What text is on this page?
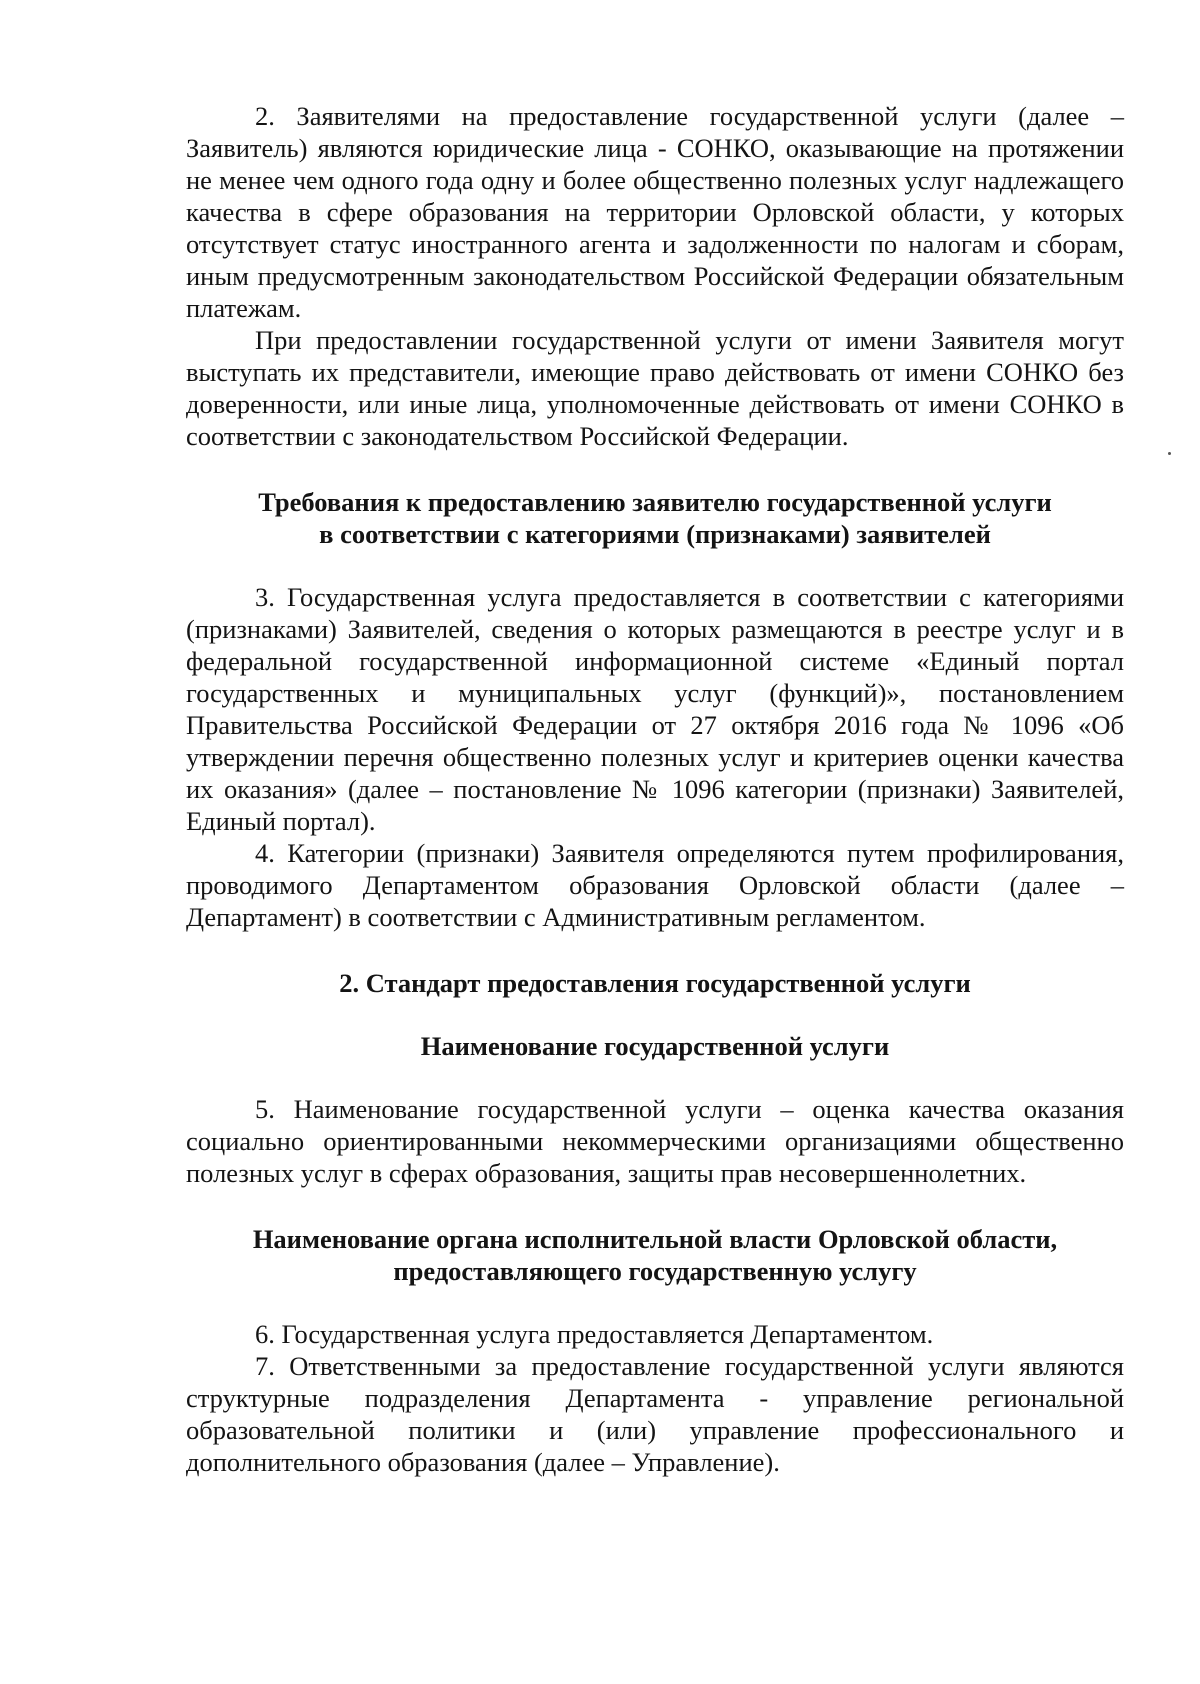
2. Заявителями на предоставление государственной услуги (далее – Заявитель) являются юридические лица - СОНКО, оказывающие на протяжении не менее чем одного года одну и более общественно полезных услуг надлежащего качества в сфере образования на территории Орловской области, у которых отсутствует статус иностранного агента и задолженности по налогам и сборам, иным предусмотренным законодательством Российской Федерации обязательным платежам.

При предоставлении государственной услуги от имени Заявителя могут выступать их представители, имеющие право действовать от имени СОНКО без доверенности, или иные лица, уполномоченные действовать от имени СОНКО в соответствии с законодательством Российской Федерации.

Требования к предоставлению заявителю государственной услуги
в соответствии с категориями (признаками) заявителей

3. Государственная услуга предоставляется в соответствии с категориями (признаками) Заявителей, сведения о которых размещаются в реестре услуг и в федеральной государственной информационной системе «Единый портал государственных и муниципальных услуг (функций)», постановлением Правительства Российской Федерации от 27 октября 2016 года № 1096 «Об утверждении перечня общественно полезных услуг и критериев оценки качества их оказания» (далее – постановление № 1096 категории (признаки) Заявителей, Единый портал).

4. Категории (признаки) Заявителя определяются путем профилирования, проводимого Департаментом образования Орловской области (далее – Департамент) в соответствии с Административным регламентом.

2. Стандарт предоставления государственной услуги
Наименование государственной услуги

5. Наименование государственной услуги – оценка качества оказания социально ориентированными некоммерческими организациями общественно полезных услуг в сферах образования, защиты прав несовершеннолетних.

Наименование органа исполнительной власти Орловской области,
предоставляющего государственную услугу

6. Государственная услуга предоставляется Департаментом.

7. Ответственными за предоставление государственной услуги являются структурные подразделения Департамента - управление региональной образовательной политики и (или) управление профессионального и дополнительного образования (далее – Управление).
